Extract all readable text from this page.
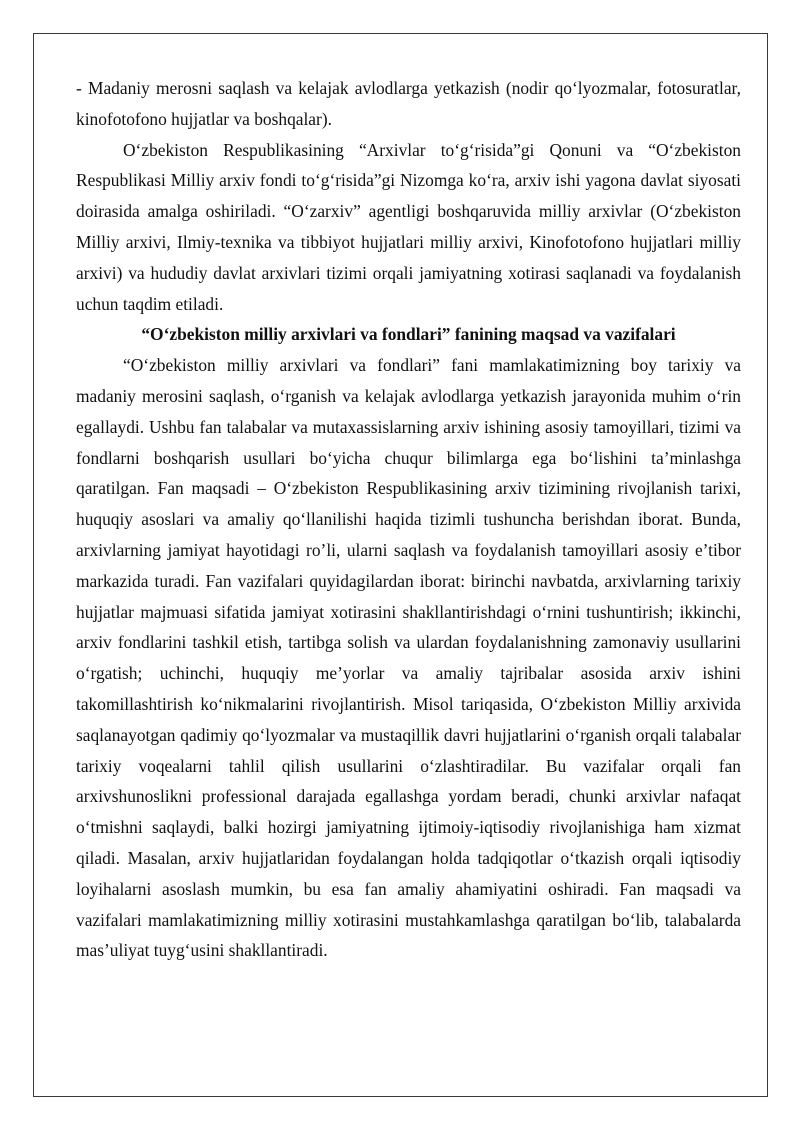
- Madaniy merosni saqlash va kelajak avlodlarga yetkazish (nodir qo‘lyozmalar, fotosuratlar, kinofotofono hujjatlar va boshqalar).

O‘zbekiston Respublikasining “Arxivlar to‘g‘risida”gi Qonuni va “O‘zbekiston Respublikasi Milliy arxiv fondi to‘g‘risida”gi Nizomga ko‘ra, arxiv ishi yagona davlat siyosati doirasida amalga oshiriladi. “O‘zarxiv” agentligi boshqaruvida milliy arxivlar (O‘zbekiston Milliy arxivi, Ilmiy-texnika va tibbiyot hujjatlari milliy arxivi, Kinofotofono hujjatlari milliy arxivi) va hududiy davlat arxivlari tizimi orqali jamiyatning xotirasi saqlanadi va foydalanish uchun taqdim etiladi.

“O‘zbekiston milliy arxivlari va fondlari” fanining maqsad va vazifalari

“O‘zbekiston milliy arxivlari va fondlari” fani mamlakatimizning boy tarixiy va madaniy merosini saqlash, o‘rganish va kelajak avlodlarga yetkazish jarayonida muhim o‘rin egallaydi. Ushbu fan talabalar va mutaxassislarning arxiv ishining asosiy tamoyillari, tizimi va fondlarni boshqarish usullari bo‘yicha chuqur bilimlarga ega bo‘lishini ta’minlashga qaratilgan. Fan maqsadi – O‘zbekiston Respublikasining arxiv tizimining rivojlanish tarixi, huquqiy asoslari va amaliy qo‘llanilishi haqida tizimli tushuncha berishdan iborat. Bunda, arxivlarning jamiyat hayotidagi ro’li, ularni saqlash va foydalanish tamoyillari asosiy e’tibor markazida turadi. Fan vazifalari quyidagilardan iborat: birinchi navbatda, arxivlarning tarixiy hujjatlar majmuasi sifatida jamiyat xotirasini shakllantirishdagi o‘rnini tushuntirish; ikkinchi, arxiv fondlarini tashkil etish, tartibga solish va ulardan foydalanishning zamonaviy usullarini o‘rgatish; uchinchi, huquqiy me’yorlar va amaliy tajribalar asosida arxiv ishini takomillashtirish ko‘nikmalarini rivojlantirish. Misol tariqasida, O‘zbekiston Milliy arxivida saqlanayotgan qadimiy qo‘lyozmalar va mustaqillik davri hujjatlarini o‘rganish orqali talabalar tarixiy voqealarni tahlil qilish usullarini o‘zlashtiradilar. Bu vazifalar orqali fan arxivshunoslikni professional darajada egallashga yordam beradi, chunki arxivlar nafaqat o‘tmishni saqlaydi, balki hozirgi jamiyatning ijtimoiy-iqtisodiy rivojlanishiga ham xizmat qiladi. Masalan, arxiv hujjatlaridan foydalangan holda tadqiqotlar o‘tkazish orqali iqtisodiy loyihalarni asoslash mumkin, bu esa fan amaliy ahamiyatini oshiradi. Fan maqsadi va vazifalari mamlakatimizning milliy xotirasini mustahkamlashga qaratilgan bo‘lib, talabalarda mas’uliyat tuyg‘usini shakllantiradi.
